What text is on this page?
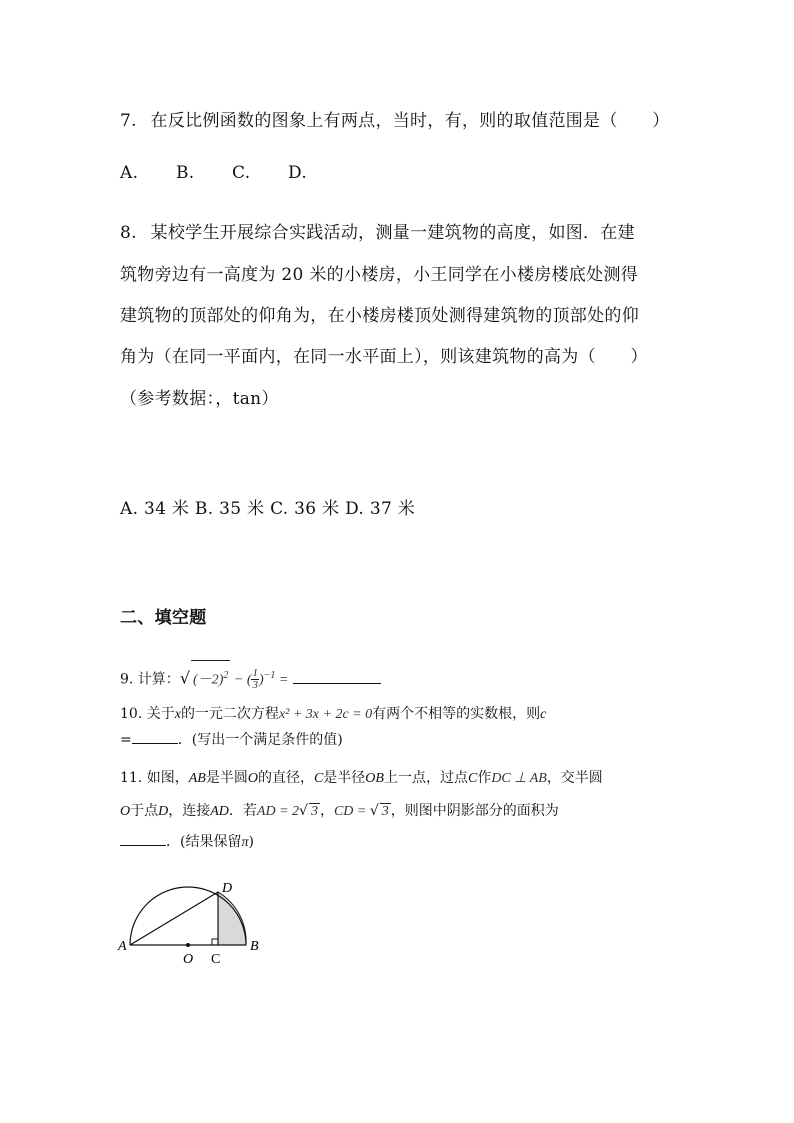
7. 在反比例函数的图象上有两点，当时，有，则的取值范围是（　　）
A. B. C. D.
8. 某校学生开展综合实践活动，测量一建筑物的高度，如图．在建
筑物旁边有一高度为 20 米的小楼房，小王同学在小楼房楼底处测得
建筑物的顶部处的仰角为，在小楼房楼顶处测得建筑物的顶部处的仰
角为（在同一平面内，在同一水平面上），则该建筑物的高为（　　）
（参考数据：，tan）
A. 34 米 B. 35 米 C. 36 米 D. 37 米
二、填空题
9. 计算：√ $(-2)^2$ − ( $\frac{1}{3} )^{-1}$ =
10. 关于x的一元二次方程x² + 3x + 2c = 0有两个不相等的实数根，则c
=	．(写出一个满足条件的值)
11. 如图，AB是半圆O的直径，C是半径OB上一点，过点C作DC ⊥ AB，交半圆
O于点D，连接AD．若AD = 2√ 3 ，CD = √ 3 ，则图中阴影部分的面积为
．(结果保留π)
A	B
C
D
O
